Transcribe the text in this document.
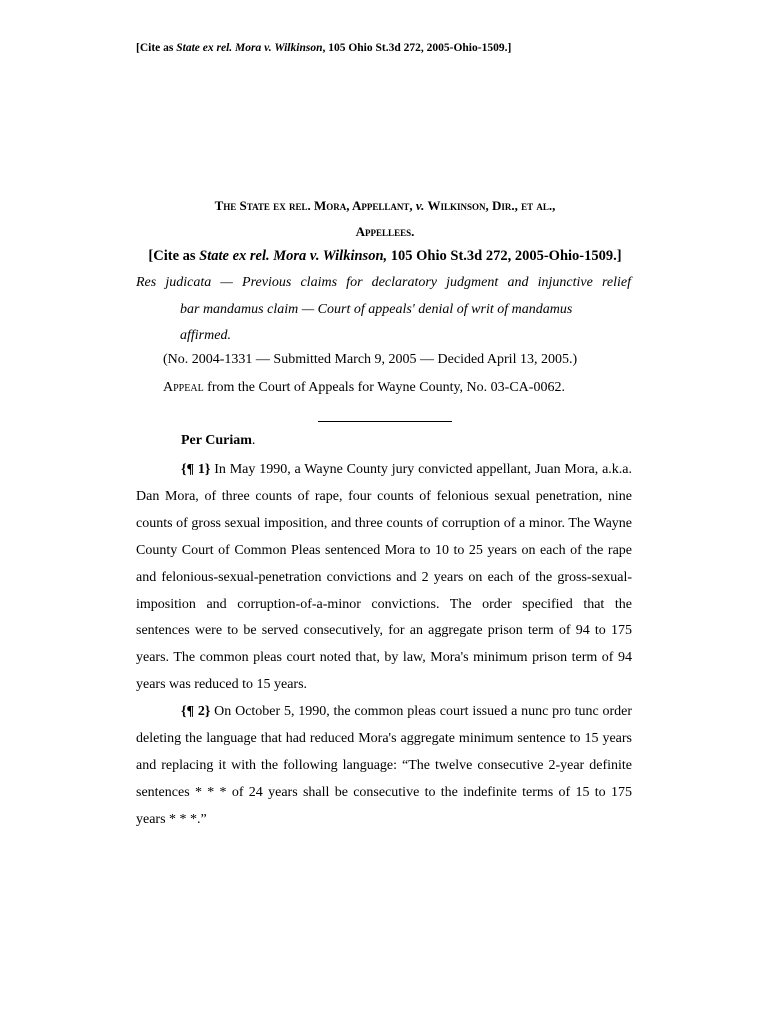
[Cite as State ex rel. Mora v. Wilkinson, 105 Ohio St.3d 272, 2005-Ohio-1509.]
The State ex rel. Mora, Appellant, v. Wilkinson, Dir., et al.,
Appellees.
[Cite as State ex rel. Mora v. Wilkinson, 105 Ohio St.3d 272, 2005-Ohio-1509.]
Res judicata — Previous claims for declaratory judgment and injunctive relief
bar mandamus claim — Court of appeals' denial of writ of mandamus
affirmed.
(No. 2004-1331 — Submitted March 9, 2005 — Decided April 13, 2005.)
Appeal from the Court of Appeals for Wayne County, No. 03-CA-0062.
Per Curiam.

{¶ 1} In May 1990, a Wayne County jury convicted appellant, Juan Mora, a.k.a. Dan Mora, of three counts of rape, four counts of felonious sexual penetration, nine counts of gross sexual imposition, and three counts of corruption of a minor. The Wayne County Court of Common Pleas sentenced Mora to 10 to 25 years on each of the rape and felonious-sexual-penetration convictions and 2 years on each of the gross-sexual-imposition and corruption-of-a-minor convictions. The order specified that the sentences were to be served consecutively, for an aggregate prison term of 94 to 175 years. The common pleas court noted that, by law, Mora's minimum prison term of 94 years was reduced to 15 years.

{¶ 2} On October 5, 1990, the common pleas court issued a nunc pro tunc order deleting the language that had reduced Mora's aggregate minimum sentence to 15 years and replacing it with the following language: “The twelve consecutive 2-year definite sentences * * * of 24 years shall be consecutive to the indefinite terms of 15 to 175 years * * *.”
